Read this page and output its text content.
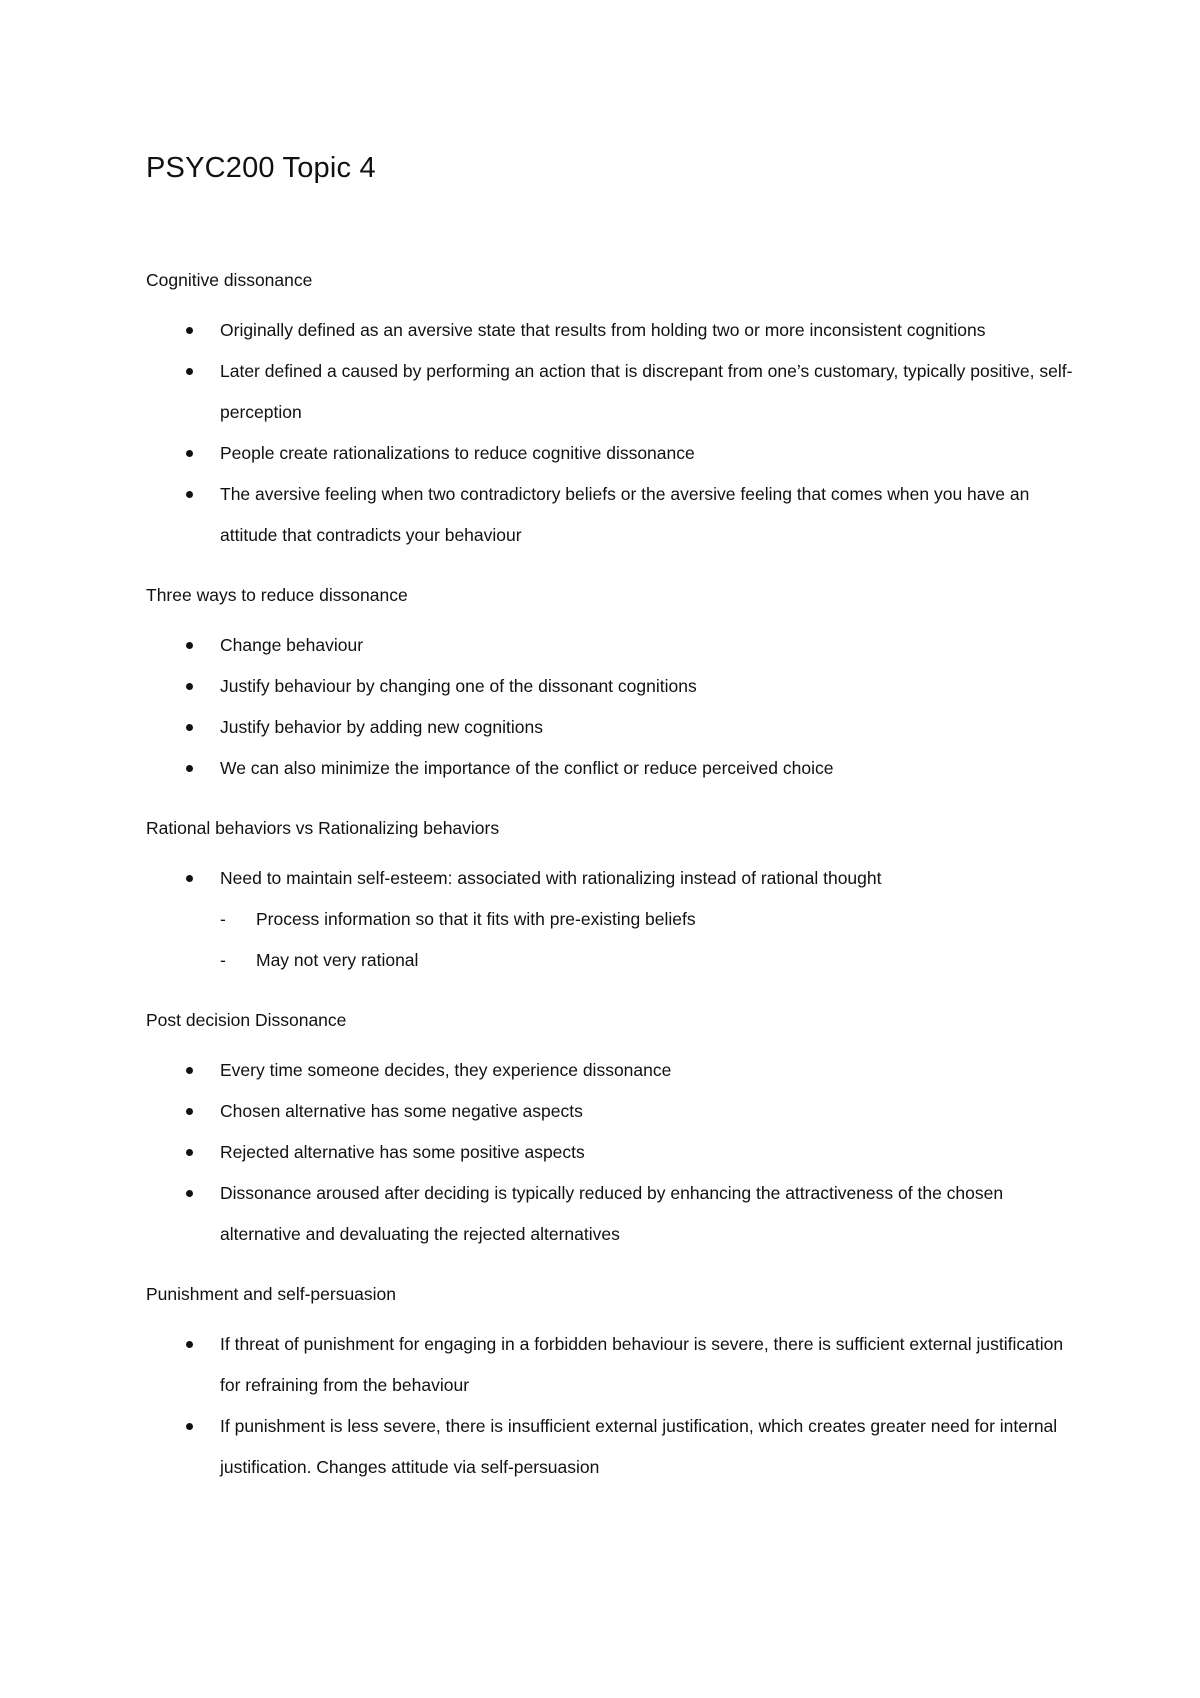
PSYC200 Topic 4
Cognitive dissonance
Originally defined as an aversive state that results from holding two or more inconsistent cognitions
Later defined a caused by performing an action that is discrepant from one’s customary, typically positive, self-perception
People create rationalizations to reduce cognitive dissonance
The aversive feeling when two contradictory beliefs or the aversive feeling that comes when you have an attitude that contradicts your behaviour
Three ways to reduce dissonance
Change behaviour
Justify behaviour by changing one of the dissonant cognitions
Justify behavior by adding new cognitions
We can also minimize the importance of the conflict or reduce perceived choice
Rational behaviors vs Rationalizing behaviors
Need to maintain self-esteem: associated with rationalizing instead of rational thought
- Process information so that it fits with pre-existing beliefs
- May not very rational
Post decision Dissonance
Every time someone decides, they experience dissonance
Chosen alternative has some negative aspects
Rejected alternative has some positive aspects
Dissonance aroused after deciding is typically reduced by enhancing the attractiveness of the chosen alternative and devaluating the rejected alternatives
Punishment and self-persuasion
If threat of punishment for engaging in a forbidden behaviour is severe, there is sufficient external justification for refraining from the behaviour
If punishment is less severe, there is insufficient external justification, which creates greater need for internal justification. Changes attitude via self-persuasion
